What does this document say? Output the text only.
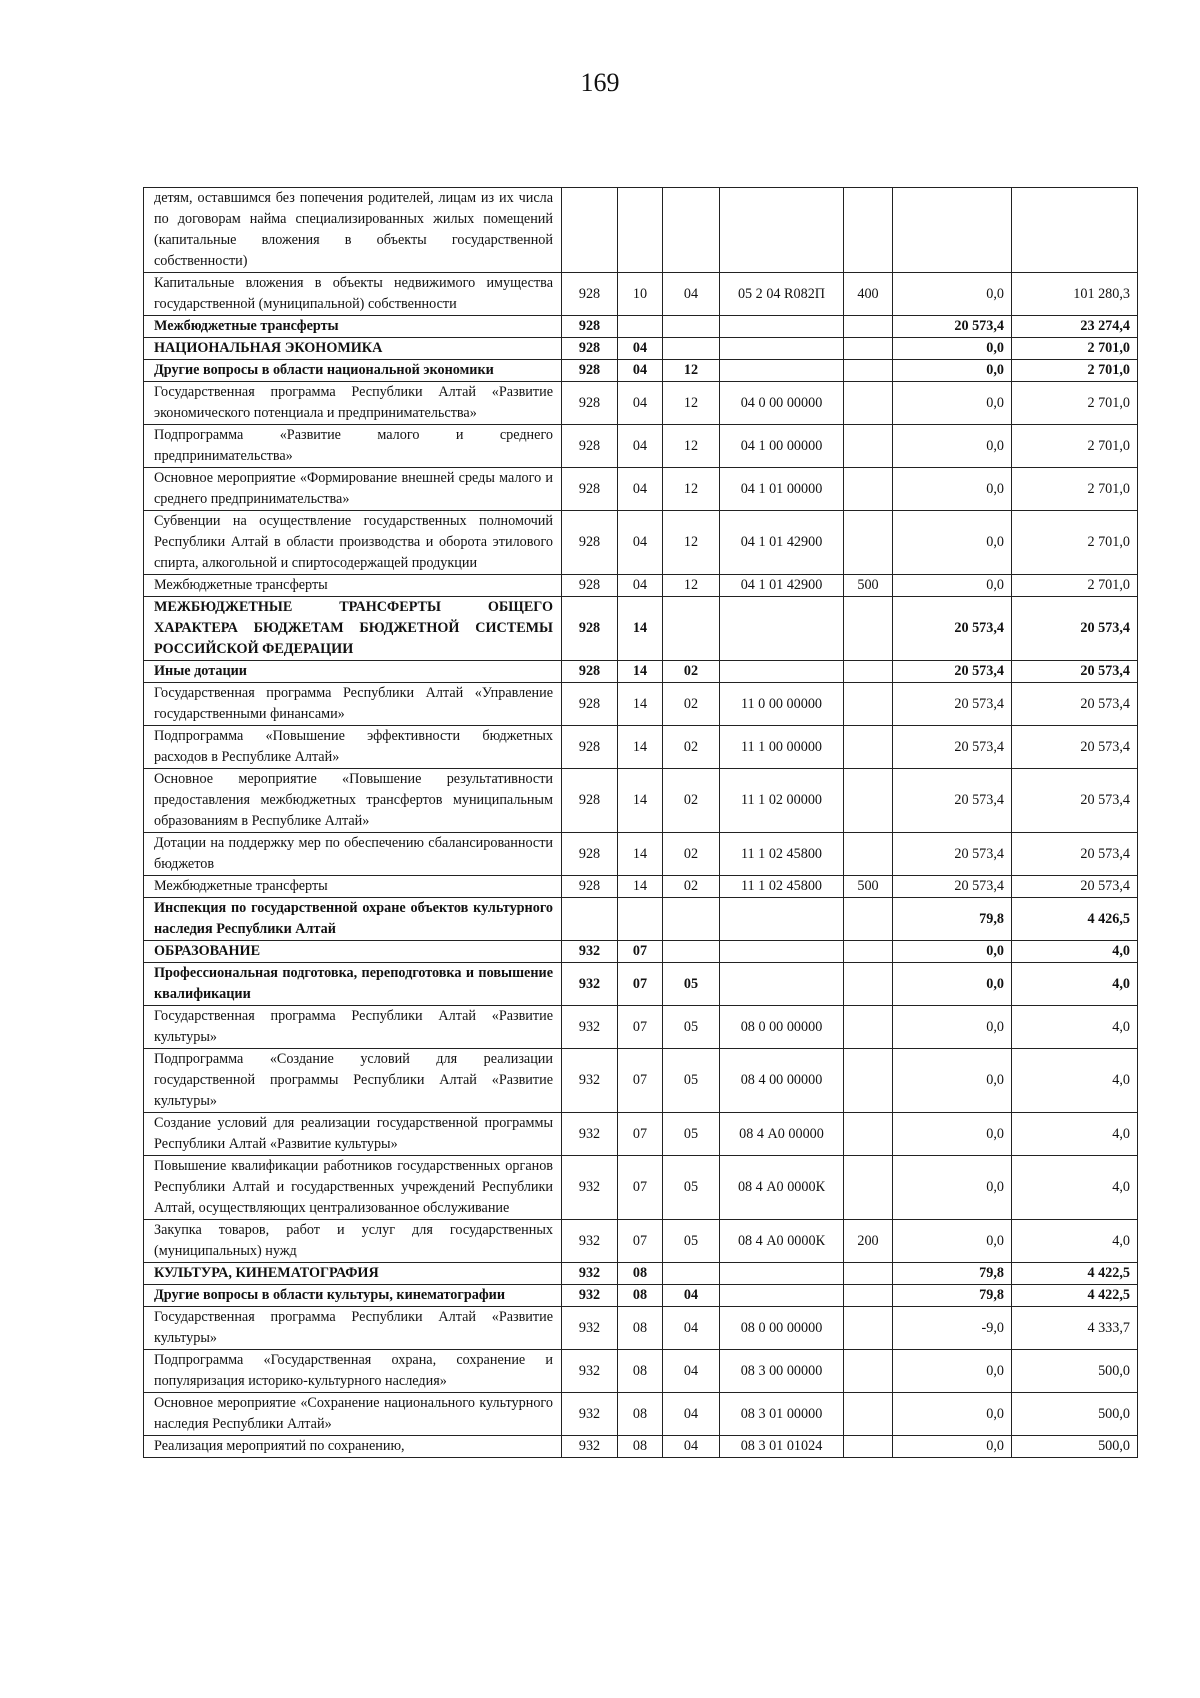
169
детям, оставшимся без попечения родителей, лицам из их числа по договорам найма специализированных жилых помещений (капитальные вложения в объекты государственной собственности)							
Капитальные вложения в объекты недвижимого имущества государственной (муниципальной) собственности	928	10	04	05 2 04 R082П	400	0,0	101 280,3
Межбюджетные трансферты	928					20 573,4	23 274,4
НАЦИОНАЛЬНАЯ ЭКОНОМИКА	928	04				0,0	2 701,0
Другие вопросы в области национальной экономики	928	04	12			0,0	2 701,0
Государственная программа Республики Алтай «Развитие экономического потенциала и предпринимательства»	928	04	12	04 0 00 00000		0,0	2 701,0
Подпрограмма «Развитие малого и среднего предпринимательства»	928	04	12	04 1 00 00000		0,0	2 701,0
Основное мероприятие «Формирование внешней среды малого и среднего предпринимательства»	928	04	12	04 1 01 00000		0,0	2 701,0
Субвенции на осуществление государственных полномочий Республики Алтай в области производства и оборота этилового спирта, алкогольной и спиртосодержащей продукции	928	04	12	04 1 01 42900		0,0	2 701,0
Межбюджетные трансферты	928	04	12	04 1 01 42900	500	0,0	2 701,0
МЕЖБЮДЖЕТНЫЕ ТРАНСФЕРТЫ ОБЩЕГО ХАРАКТЕРА БЮДЖЕТАМ БЮДЖЕТНОЙ СИСТЕМЫ РОССИЙСКОЙ ФЕДЕРАЦИИ	928	14				20 573,4	20 573,4
Иные дотации	928	14	02			20 573,4	20 573,4
Государственная программа Республики Алтай «Управление государственными финансами»	928	14	02	11 0 00 00000		20 573,4	20 573,4
Подпрограмма «Повышение эффективности бюджетных расходов в Республике Алтай»	928	14	02	11 1 00 00000		20 573,4	20 573,4
Основное мероприятие «Повышение результативности предоставления межбюджетных трансфертов муниципальным образованиям в Республике Алтай»	928	14	02	11 1 02 00000		20 573,4	20 573,4
Дотации на поддержку мер по обеспечению сбалансированности бюджетов	928	14	02	11 1 02 45800		20 573,4	20 573,4
Межбюджетные трансферты	928	14	02	11 1 02 45800	500	20 573,4	20 573,4
Инспекция по государственной охране объектов культурного наследия Республики Алтай						79,8	4 426,5
ОБРАЗОВАНИЕ	932	07				0,0	4,0
Профессиональная подготовка, переподготовка и повышение квалификации	932	07	05			0,0	4,0
Государственная программа Республики Алтай «Развитие культуры»	932	07	05	08 0 00 00000		0,0	4,0
Подпрограмма «Создание условий для реализации государственной программы Республики Алтай «Развитие культуры»	932	07	05	08 4 00 00000		0,0	4,0
Создание условий для реализации государственной программы Республики Алтай «Развитие культуры»	932	07	05	08 4 А0 00000		0,0	4,0
Повышение квалификации работников государственных органов Республики Алтай и государственных учреждений Республики Алтай, осуществляющих централизованное обслуживание	932	07	05	08 4 А0 0000К		0,0	4,0
Закупка товаров, работ и услуг для государственных (муниципальных) нужд	932	07	05	08 4 А0 0000К	200	0,0	4,0
КУЛЬТУРА, КИНЕМАТОГРАФИЯ	932	08				79,8	4 422,5
Другие вопросы в области культуры, кинематографии	932	08	04			79,8	4 422,5
Государственная программа Республики Алтай «Развитие культуры»	932	08	04	08 0 00 00000		-9,0	4 333,7
Подпрограмма «Государственная охрана, сохранение и популяризация историко-культурного наследия»	932	08	04	08 3 00 00000		0,0	500,0
Основное мероприятие «Сохранение национального культурного наследия Республики Алтай»	932	08	04	08 3 01 00000		0,0	500,0
Реализация мероприятий по сохранению,	932	08	04	08 3 01 01024		0,0	500,0
